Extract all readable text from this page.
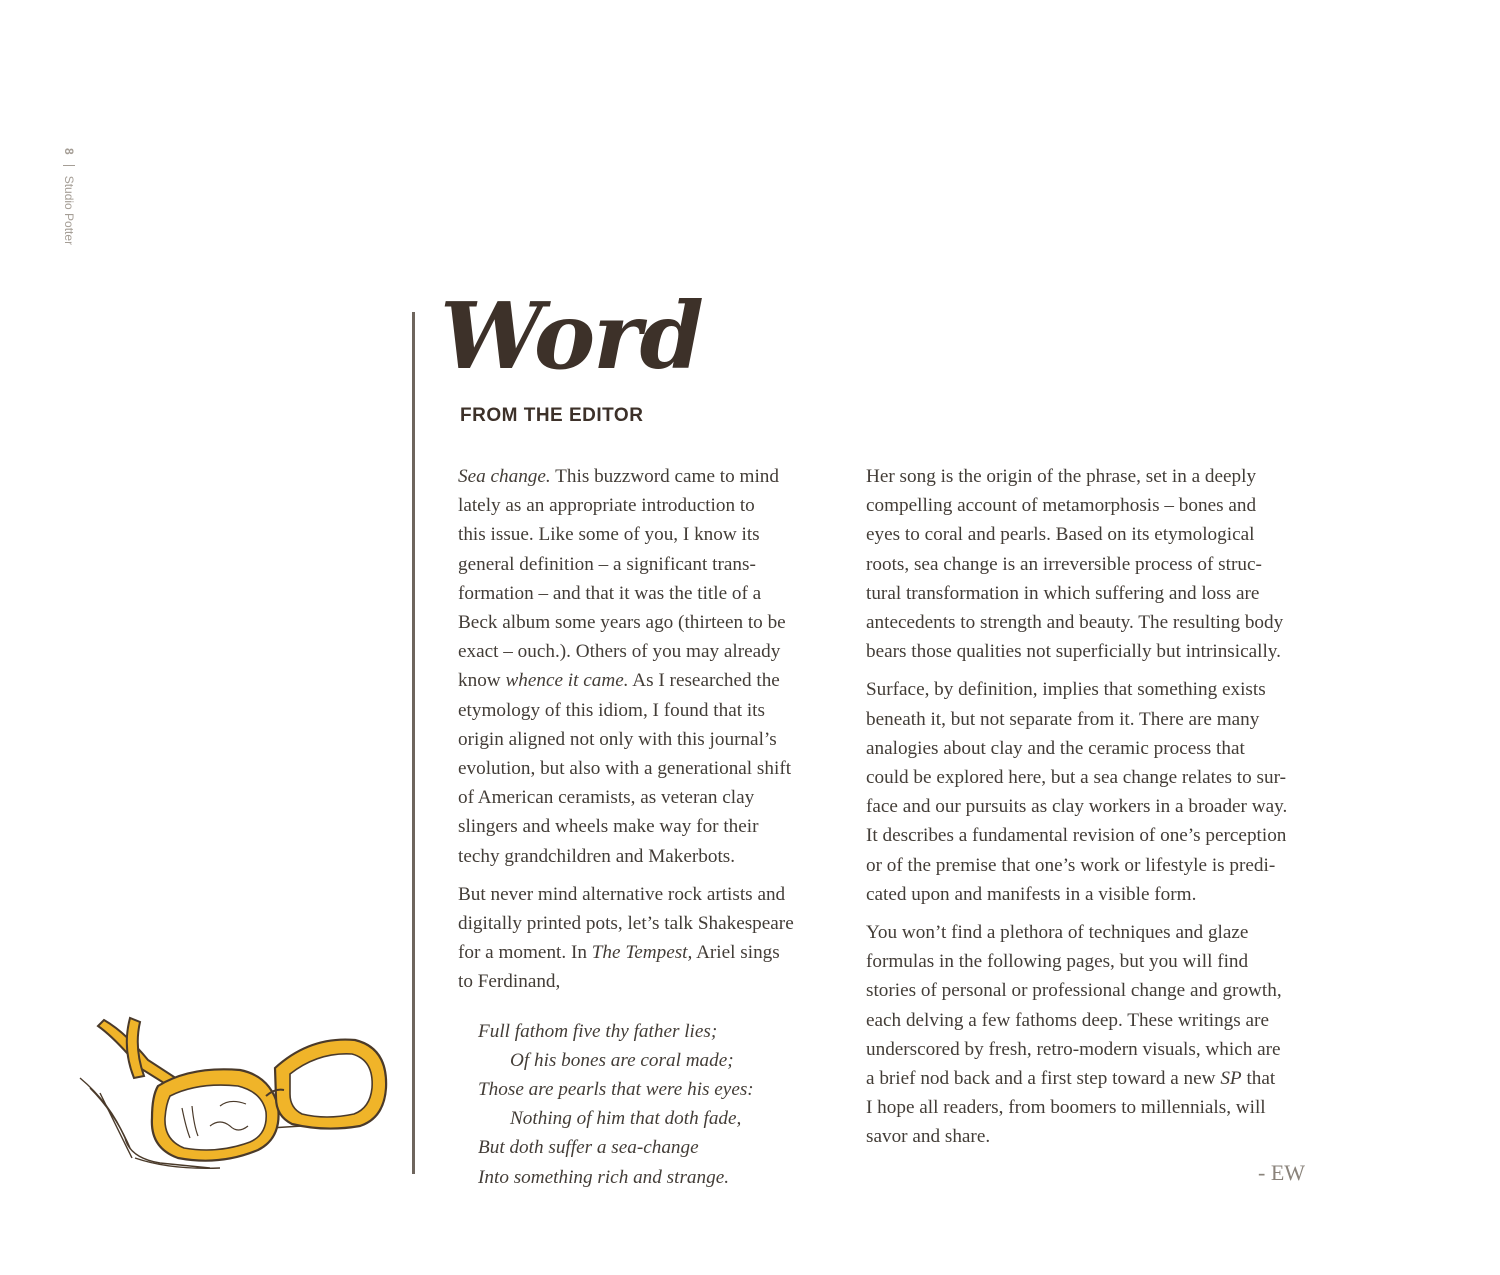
8
Studio Potter
Word
FROM THE EDITOR

Sea change. This buzzword came to mind
lately as an appropriate introduction to
this issue. Like some of you, I know its
general definition – a significant trans-
formation – and that it was the title of a
Beck album some years ago (thirteen to be
exact – ouch.). Others of you may already
know whence it came. As I researched the
etymology of this idiom, I found that its
origin aligned not only with this journal’s
evolution, but also with a generational shift
of American ceramists, as veteran clay
slingers and wheels make way for their
techy grandchildren and Makerbots.

But never mind alternative rock artists and
digitally printed pots, let’s talk Shakespeare
for a moment. In The Tempest, Ariel sings
to Ferdinand,

Full fathom five thy father lies;
Of his bones are coral made;
Those are pearls that were his eyes:
Nothing of him that doth fade,
But doth suffer a sea-change
Into something rich and strange.

Her song is the origin of the phrase, set in a deeply
compelling account of metamorphosis – bones and
eyes to coral and pearls. Based on its etymological
roots, sea change is an irreversible process of struc-
tural transformation in which suffering and loss are
antecedents to strength and beauty. The resulting body
bears those qualities not superficially but intrinsically.

Surface, by definition, implies that something exists
beneath it, but not separate from it. There are many
analogies about clay and the ceramic process that
could be explored here, but a sea change relates to sur-
face and our pursuits as clay workers in a broader way.
It describes a fundamental revision of one’s perception
or of the premise that one’s work or lifestyle is predi-
cated upon and manifests in a visible form.

You won’t find a plethora of techniques and glaze
formulas in the following pages, but you will find
stories of personal or professional change and growth,
each delving a few fathoms deep. These writings are
underscored by fresh, retro-modern visuals, which are
a brief nod back and a first step toward a new SP that
I hope all readers, from boomers to millennials, will
savor and share.

- EW
